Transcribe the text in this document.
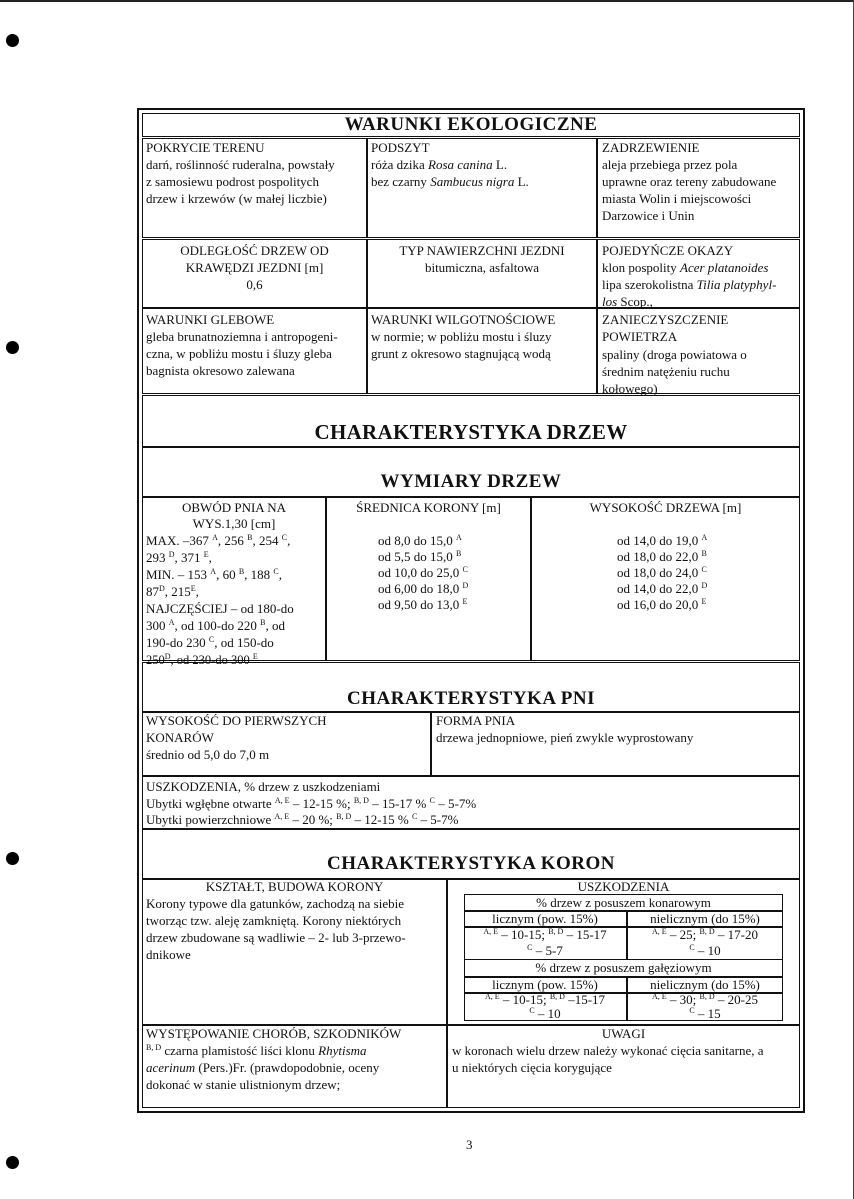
WARUNKI EKOLOGICZNE
POKRYCIE TERENU
darń, roślinność ruderalna, powstały
z samosiewu podrost pospolitych
drzew i krzewów (w małej liczbie)
PODSZYT
róża dzika Rosa canina L.
bez czarny Sambucus nigra L.
ZADRZEWIENIE
aleja przebiega przez pola
uprawne oraz tereny zabudowane
miasta Wolin i miejscowości
Darzowice i Unin
ODLEGŁOŚĆ DRZEW OD
KRAWĘDZI JEZDNI [m]
0,6
TYP NAWIERZCHNI JEZDNI
bitumiczna, asfaltowa
POJEDYŃCZE OKAZY
klon pospolity Acer platanoides
lipa szerokolistna Tilia platyphyl-
los Scop.,
WARUNKI GLEBOWE
gleba brunatnoziemna i antropogeni-
czna, w pobliżu mostu i śluzy gleba
bagnista okresowo zalewana
WARUNKI WILGOTNOŚCIOWE
w normie; w pobliżu mostu i śluzy
grunt z okresowo stagnującą wodą
ZANIECZYSZCZENIE
POWIETRZA
spaliny (droga powiatowa o
średnim natężeniu ruchu
kołowego)
CHARAKTERYSTYKA DRZEW
WYMIARY DRZEW
OBWÓD PNIA NA
WYS.1,30 [cm]
MAX. –367 $^A$, 256 $^B$, 254 $^C$,
293 $^D$, 371 $^E$,
MIN. – 153 $^A$, 60 $^B$, 188 $^C$,
$87^D$, $215^E$,
NAJCZĘŚCIEJ – od 180-do
300 $^A$, od 100-do 220 $^B$, od
190-do 230 $^C$, od 150-do
$250^D$, od 230-do 300 $^E$
ŚREDNICA KORONY [m]
od 8,0 do 15,0 $^A$
od 5,5 do 15,0 $^B$
od 10,0 do 25,0 $^C$
od 6,00 do 18,0 $^D$
od 9,50 do 13,0 $^E$
WYSOKOŚĆ DRZEWA [m]
od 14,0 do 19,0 $^A$
od 18,0 do 22,0 $^B$
od 18,0 do 24,0 $^C$
od 14,0 do 22,0 $^D$
od 16,0 do 20,0 $^E$
CHARAKTERYSTYKA PNI
WYSOKOŚĆ DO PIERWSZYCH
KONARÓW
średnio od 5,0 do 7,0 m
FORMA PNIA
drzewa jednopniowe, pień zwykle wyprostowany
USZKODZENIA, % drzew z uszkodzeniami
Ubytki wgłębne otwarte $^{A, E}$ – 12-15 %; $^{B, D}$ – 15-17 % $^C$ – 5-7%
Ubytki powierzchniowe $^{A, E}$ – 20 %; $^{B, D}$ – 12-15 % $^C$ – 5-7%
CHARAKTERYSTYKA KORON
KSZTAŁT, BUDOWA KORONY
Korony typowe dla gatunków, zachodzą na siebie
tworząc tzw. aleję zamkniętą. Korony niektórych
drzew zbudowane są wadliwie – 2- lub 3-przewo-
dnikowe
USZKODZENIA
% drzew z posuszem konarowym
licznym (pow. 15%)	nielicznym (do 15%)
$^{A, E}$ – 10-15; $^{B, D}$ – 15-17
$^C$ – 5-7
$^{A, E}$ – 25; $^{B, D}$ – 17-20
$^C$ – 10
% drzew z posuszem gałęziowym
licznym (pow. 15%)	nielicznym (do 15%)
$^{A, E}$ – 10-15; $^{B, D}$ –15-17
$^C$ – 10
$^{A, E}$ – 30; $^{B, D}$ – 20-25
$^C$ – 15
WYSTĘPOWANIE CHORÓB, SZKODNIKÓW
$^{B, D}$ czarna plamistość liści klonu Rhytisma
acerinum (Pers.)Fr. (prawdopodobnie, oceny
dokonać w stanie ulistnionym drzew;
UWAGI
w koronach wielu drzew należy wykonać cięcia sanitarne, a
u niektórych cięcia korygujące
3
